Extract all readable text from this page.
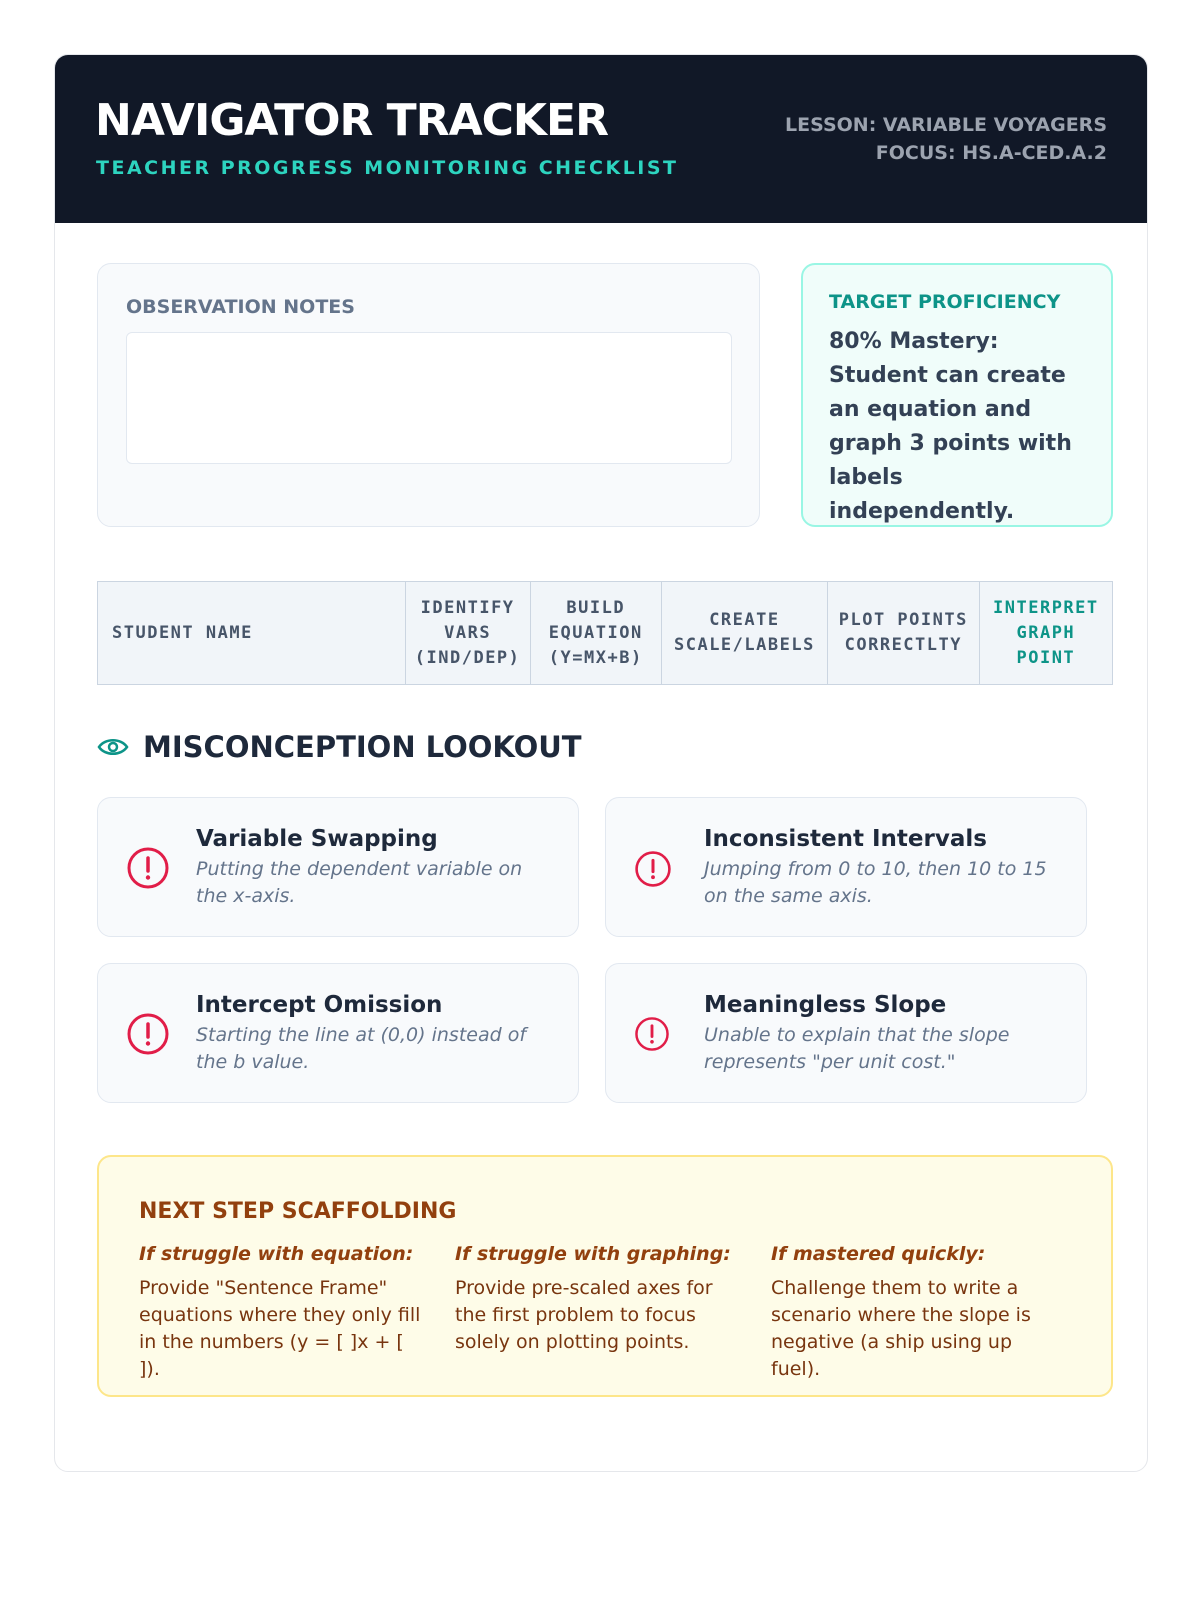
NAVIGATOR TRACKER
TEACHER PROGRESS MONITORING CHECKLIST
LESSON: VARIABLE VOYAGERS
FOCUS: HS.A-CED.A.2
OBSERVATION NOTES	TARGET PROFICIENCY
80% Mastery: Student can create an equation and graph 3 points with labels independently.
STUDENT NAME	IDENTIFY VARS (IND/DEP)	BUILD EQUATION (Y=MX+B)	CREATE SCALE/LABELS	PLOT POINTS CORRECTLTY	INTERPRET GRAPH POINT
MISCONCEPTION LOOKOUT
Variable Swapping
Putting the dependent variable on the x-axis.
Inconsistent Intervals
Jumping from 0 to 10, then 10 to 15 on the same axis.
Intercept Omission
Starting the line at (0,0) instead of the b value.
Meaningless Slope
Unable to explain that the slope represents "per unit cost."
NEXT STEP SCAFFOLDING
If struggle with equation:
Provide "Sentence Frame" equations where they only fill in the numbers (y = [ ]x + [ ]).
If struggle with graphing:
Provide pre-scaled axes for the first problem to focus solely on plotting points.
If mastered quickly:
Challenge them to write a scenario where the slope is negative (a ship using up fuel).
